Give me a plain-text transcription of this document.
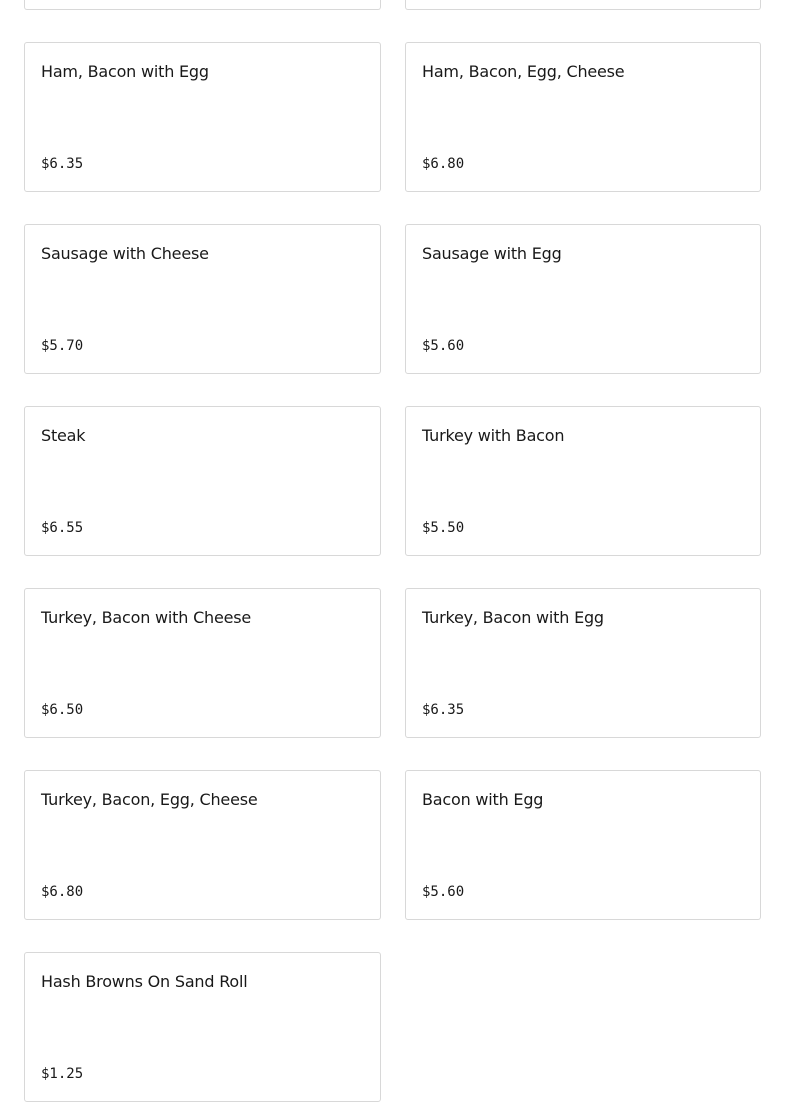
Ham, Bacon with Egg
$6.35
Ham, Bacon, Egg, Cheese
$6.80
Sausage with Cheese
$5.70
Sausage with Egg
$5.60
Steak
$6.55
Turkey with Bacon
$5.50
Turkey, Bacon with Cheese
$6.50
Turkey, Bacon with Egg
$6.35
Turkey, Bacon, Egg, Cheese
$6.80
Bacon with Egg
$5.60
Hash Browns On Sand Roll
$1.25
